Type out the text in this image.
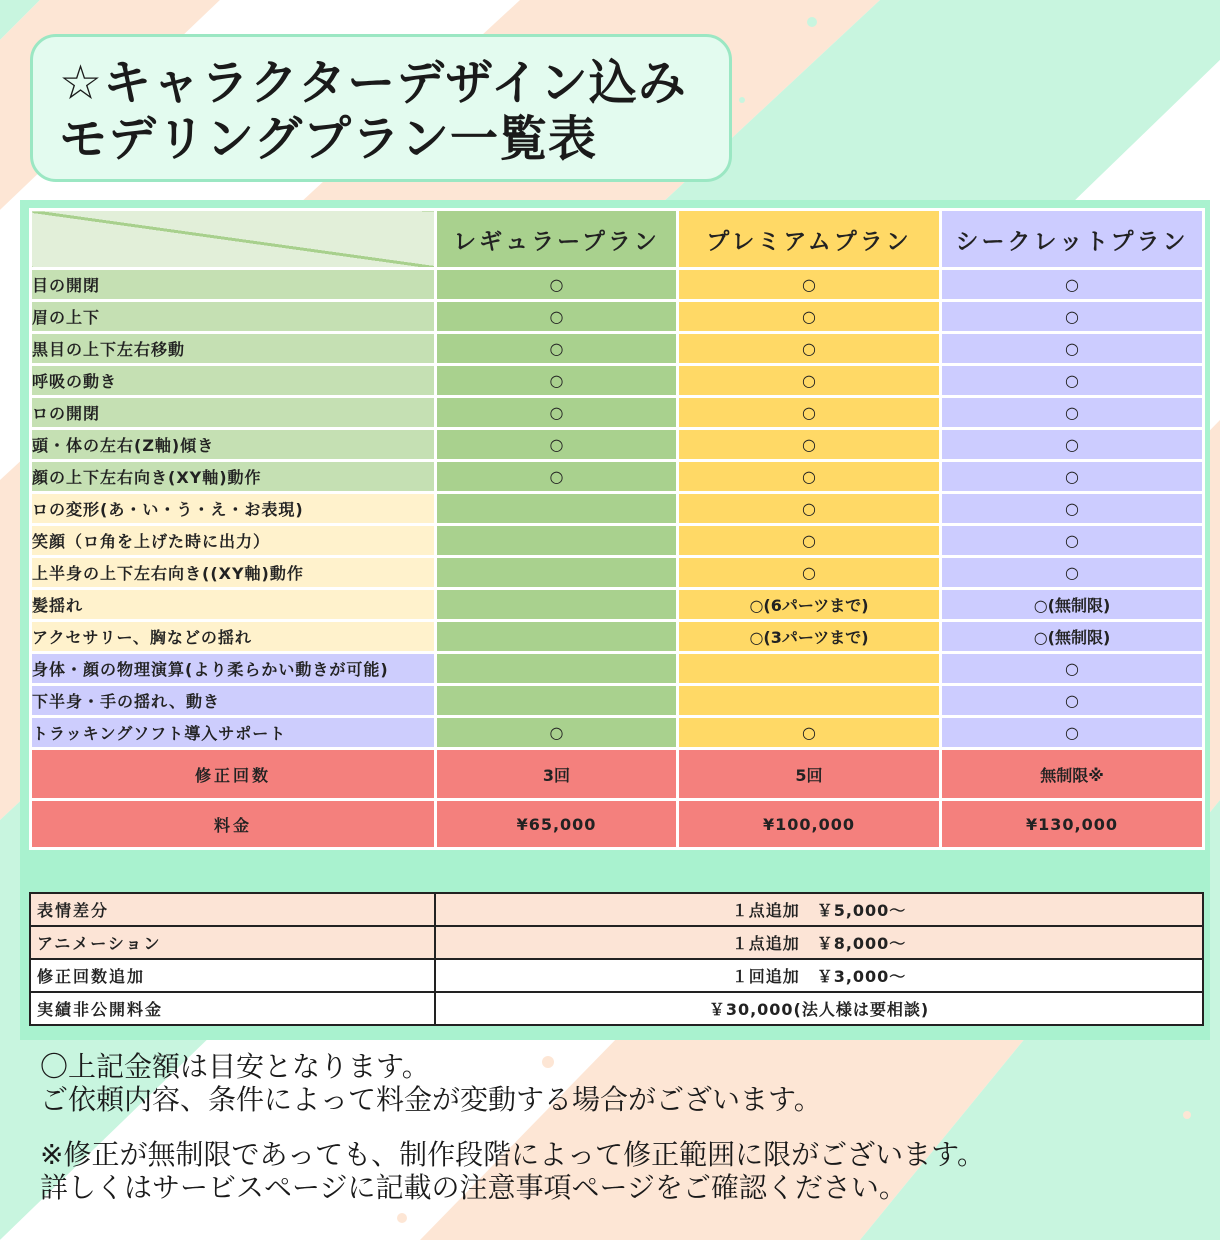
☆キャラクターデザイン込み
モデリングプラン一覧表
	レギュラープラン	プレミアムプラン	シークレットプラン
目の開閉	○	○	○
眉の上下	○	○	○
黒目の上下左右移動	○	○	○
呼吸の動き	○	○	○
ロの開閉	○	○	○
頭・体の左右(Z軸)傾き	○	○	○
顔の上下左右向き(XY軸)動作	○	○	○
ロの変形(あ・い・う・え・お表現)		○	○
笑顔（ロ角を上げた時に出力）		○	○
上半身の上下左右向き((XY軸)動作		○	○
髪揺れ		○(6パーツまで)	○(無制限)
アクセサリー、胸などの揺れ		○(3パーツまで)	○(無制限)
身体・顔の物理演算(より柔らかい動きが可能)			○
下半身・手の揺れ、動き			○
トラッキングソフト導入サポート	○	○	○
修正回数	3回	5回	無制限※
料金	¥65,000	¥100,000	¥130,000
表情差分	１点追加　￥5,000～
アニメーション	１点追加　￥8,000～
修正回数追加	１回追加　￥3,000～
実績非公開料金	￥30,000(法人様は要相談)
〇上記金額は目安となります。
ご依頼内容、条件によって料金が変動する場合がございます。
※修正が無制限であっても、制作段階によって修正範囲に限がございます。
詳しくはサービスページに記載の注意事項ページをご確認ください。
